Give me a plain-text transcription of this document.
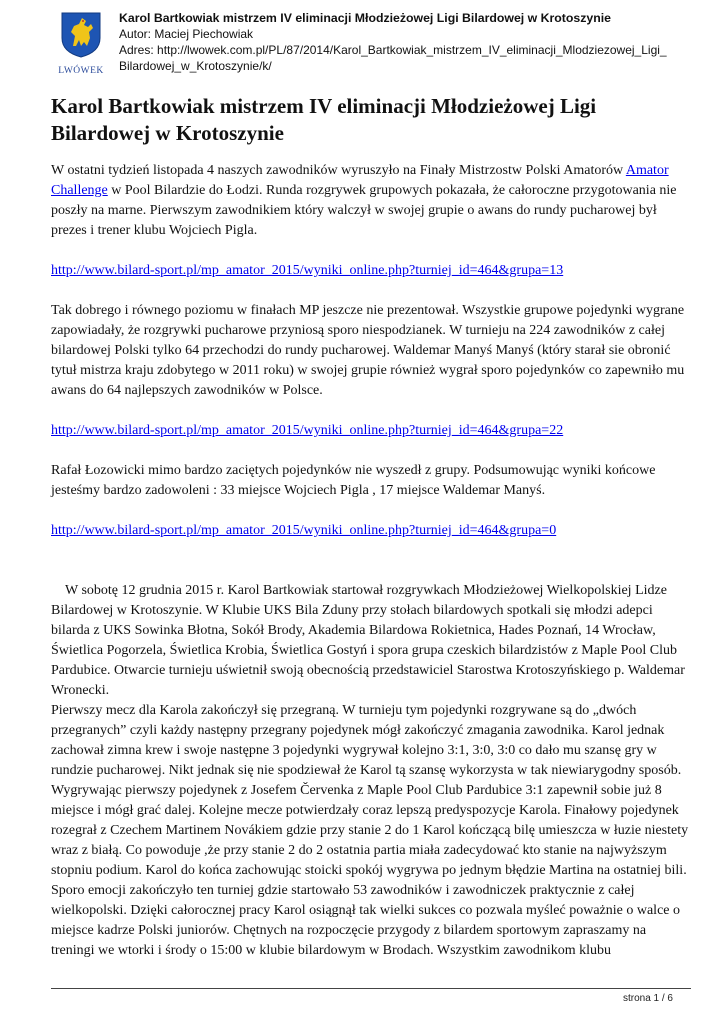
LWÓWEK
Karol Bartkowiak mistrzem IV eliminacji Młodzieżowej Ligi Bilardowej w Krotoszynie
Autor: Maciej Piechowiak
Adres: http://lwowek.com.pl/PL/87/2014/Karol_Bartkowiak_mistrzem_IV_eliminacji_Mlodziezowej_Ligi_
Bilardowej_w_Krotoszynie/k/
Karol Bartkowiak mistrzem IV eliminacji Młodzieżowej Ligi Bilardowej w Krotoszynie

W ostatni tydzień listopada 4 naszych zawodników wyruszyło na Finały Mistrzostw Polski Amatorów Amator Challenge w Pool Bilardzie do Łodzi. Runda rozgrywek grupowych pokazała, że całoroczne przygotowania nie poszły na marne. Pierwszym zawodnikiem który walczył w swojej grupie o awans do rundy pucharowej był prezes i trener klubu Wojciech Pigla.

http://www.bilard-sport.pl/mp_amator_2015/wyniki_online.php?turniej_id=464&grupa=13

Tak dobrego i równego poziomu w finałach MP jeszcze nie prezentował. Wszystkie grupowe pojedynki wygrane zapowiadały, że rozgrywki pucharowe przyniosą sporo niespodzianek. W turnieju na 224 zawodników z całej bilardowej Polski tylko 64 przechodzi do rundy pucharowej. Waldemar Manyś Manyś (który starał sie obronić tytuł mistrza kraju zdobytego w 2011 roku) w swojej grupie również wygrał sporo pojedynków co zapewniło mu awans do 64 najlepszych zawodników w Polsce.

http://www.bilard-sport.pl/mp_amator_2015/wyniki_online.php?turniej_id=464&grupa=22

Rafał Łozowicki mimo bardzo zaciętych pojedynków nie wyszedł z grupy. Podsumowując wyniki końcowe jesteśmy bardzo zadowoleni : 33 miejsce Wojciech Pigla , 17 miejsce Waldemar Manyś.

http://www.bilard-sport.pl/mp_amator_2015/wyniki_online.php?turniej_id=464&grupa=0

W sobotę 12 grudnia 2015 r. Karol Bartkowiak startował rozgrywkach Młodzieżowej Wielkopolskiej Lidze Bilardowej w Krotoszynie. W Klubie UKS Bila Zduny przy stołach bilardowych spotkali się młodzi adepci bilarda z UKS Sowinka Błotna, Sokół Brody, Akademia Bilardowa Rokietnica, Hades Poznań, 14 Wrocław, Świetlica Pogorzela, Świetlica Krobia, Świetlica Gostyń i spora grupa czeskich bilardzistów z Maple Pool Club Pardubice. Otwarcie turnieju uświetnił swoją obecnością przedstawiciel Starostwa Krotoszyńskiego p. Waldemar Wronecki.

Pierwszy mecz dla Karola zakończył się przegraną. W turnieju tym pojedynki rozgrywane są do „dwóch przegranych” czyli każdy następny przegrany pojedynek mógł zakończyć zmagania zawodnika. Karol jednak zachował zimna krew i swoje następne 3 pojedynki wygrywał kolejno 3:1, 3:0, 3:0 co dało mu szansę gry w rundzie pucharowej. Nikt jednak się nie spodziewał że Karol tą szansę wykorzysta w tak niewiarygodny sposób. Wygrywając pierwszy pojedynek z Josefem Červenka z Maple Pool Club Pardubice 3:1 zapewnił sobie już 8 miejsce i mógł grać dalej. Kolejne mecze potwierdzały coraz lepszą predyspozycje Karola. Finałowy pojedynek rozegrał z Czechem Martinem Novákiem gdzie przy stanie 2 do 1 Karol kończącą bilę umieszcza w łuzie niestety wraz z białą. Co powoduje ,że przy stanie 2 do 2 ostatnia partia miała zadecydować kto stanie na najwyższym stopniu podium. Karol do końca zachowując stoicki spokój wygrywa po jednym błędzie Martina na ostatniej bili. Sporo emocji zakończyło ten turniej gdzie startowało 53 zawodników i zawodniczek praktycznie z całej wielkopolski. Dzięki całorocznej pracy Karol osiągnął tak wielki sukces co pozwala myśleć poważnie o walce o miejsce kadrze Polski juniorów. Chętnych na rozpoczęcie przygody z bilardem sportowym zapraszamy na treningi we wtorki i środy o 15:00 w klubie bilardowym w Brodach. Wszystkim zawodnikom klubu

strona 1 / 6
